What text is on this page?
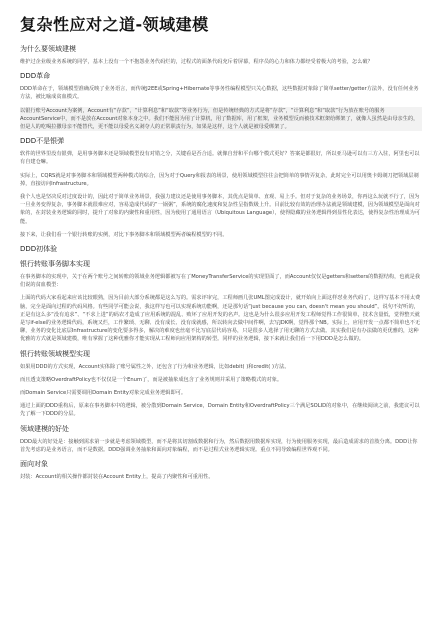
复杂性应对之道-领域建模
为什么要领域建模
维护过企业级业务系统的同学，基本上没有一个不抱怨业务代码烂的，过程式的面条代码充斥着屏幕，程序员的心力和体力都经受着极大的考验，怎么破？
DDD革命
DDD革命在于，领域模型准确反映了业务语言，而传统J2EE或Spring+Hibernate等事务性编程模型只关心数据，这些数据对象除了简单setter/getter方法外，没有任何业务方法，被比喻成贫血模式。
以银行账号Account为案例，Account有“存款”，“计算利息”和“取款”等业务行为，但是传统经典的方式是将“存款”，“计算利息”和“取款”行为放在账号的服务AccountService中，而不是放在Account对象本身之中。我们不能因为用了计算机，用了数据库，用了框架，业务模型反而被技术框架给绑架了，就像人虽然是由母亲生的，但是人的吃喝拉撒母亲不能替代，更不能以母爱名义剥夺人的正常职责行为，如果是这样，这个人就是被母爱绑架了。
DDD不是银弹
软件的世界里没有银弹，是用事务脚本还是领域模型没有对错之分，关键看是否合适。就像自营和平台哪个模式更好？答案是都很好，所以亚马逊可以有三方入驻，阿里也可以有自建仓嘛。
实际上，CQRS就是对事务脚本和领域模型两种模式的综合，因为对于Query和报表的场景，使用领域模型往往会把简单的事情弄复杂，此时完全可以用奥卡姆剃刀把领域层剃掉，直接访问Infrastructure。
我个人也是坚决反对过度设计的，因此对于简单业务场景，我强力建议还是使用事务脚本，其优点是简单、直观、易上手。但对于复杂的业务场景，你再这么玩就不行了，因为一旦业务变得复杂，事务脚本就很难应对，容易造成代码的“一锅粥”，系统的腐化速度和复杂性呈指数级上升。目前比较有效的治理办法就是领域建模，因为领域模型是面向对象的，在封装业务逻辑的同时，提升了对象的内聚性和重用性，因为使用了通用语言（Ubiquitous Language），使得隐藏的业务逻辑得到显性化表达，使得复杂性治理成为可能。
接下来，让我们看一个银行转账的实例，对比下事务脚本和领域模型两者编程模型的不同。
DDD初体验
银行转账事务脚本实现
在事务脚本的实现中，关于在两个账号之间转账的领域业务逻辑都被写在了MoneyTransferService的实现里面了，而Account仅仅是getters和setters的数据结构，也就是我们说的贫血模型：
上面的代码大家看起来应该比较眼熟，因为目前大部分系统都是这么写的。需求评审完，工程师画几张UML图完成设计，就开始向上面这样怼业务代码了，这样写基本不用太费脑，完全是面向过程的代码风格。有些同学可能会说，我这样写也可以实现系统功能啊，还是那句话“just because you can, doesn't mean you should”。说句不好听的，正是有这么多“没有追求”、“不求上进”的码农才造成了应用系统的混乱、败坏了应用开发的名声。这也是为什么很多应用开发工程师觉得工作很简单，技术含量低，觉得整天就是写if-else的业务逻辑代码，系统又烂，工作繁琐、无聊、没有成长、没有成就感，所以转向去做中间件啊，去写JDK啊，觉得那个NB。实际上，应用开发一点都不简单也不无聊，业务的变化比底层Infrastructure的变化要多得多，解决的难度也丝毫不比写底层代码容易，只是很多人选择了用无聊的方式去做。其实我们是有办法做的更优雅的，这种优雅的方式就是领域建模，唯有掌握了这种优雅你才能实现从工程师向应用架构的转型。同样的业务逻辑，接下来就让我们看一下用DDD是怎么做的。
银行转账领域模型实现
如果用DDD的方式实现，Account实体除了账号属性之外，还包含了行为和业务逻辑，比如debit( )和credit( )方法。
而且透支策略OverdraftPolicy也不仅仅是一个Enum了，而是被抽象成包含了业务规则并采用了策略模式的对象。
而Domain Service只需要调用Domain Entity对象完成业务逻辑即可。
通过上面的DDD重构后，原来在事务脚本中的逻辑，被分散到Domain Service，Domain Entity和OverdraftPolicy三个满足SOLID的对象中，在继续阅读之前，我建议可以先了解一下DDD的分层。
领域建模的好处
DDD最大的好处是：接触到需求第一步就是考虑领域模型，而不是将其切割成数据和行为，然后数据用数据库实现，行为使用服务实现，最后造成需求的首肢分离。DDD让你首先考虑的是业务语言，而不是数据。DDD强调业务抽象和面向对象编程，而不是过程式业务逻辑实现。重点不同导致编程世界观不同。
面向对象
封装：Account的相关操作都封装在Account Entity上，提高了内聚性和可重用性。
